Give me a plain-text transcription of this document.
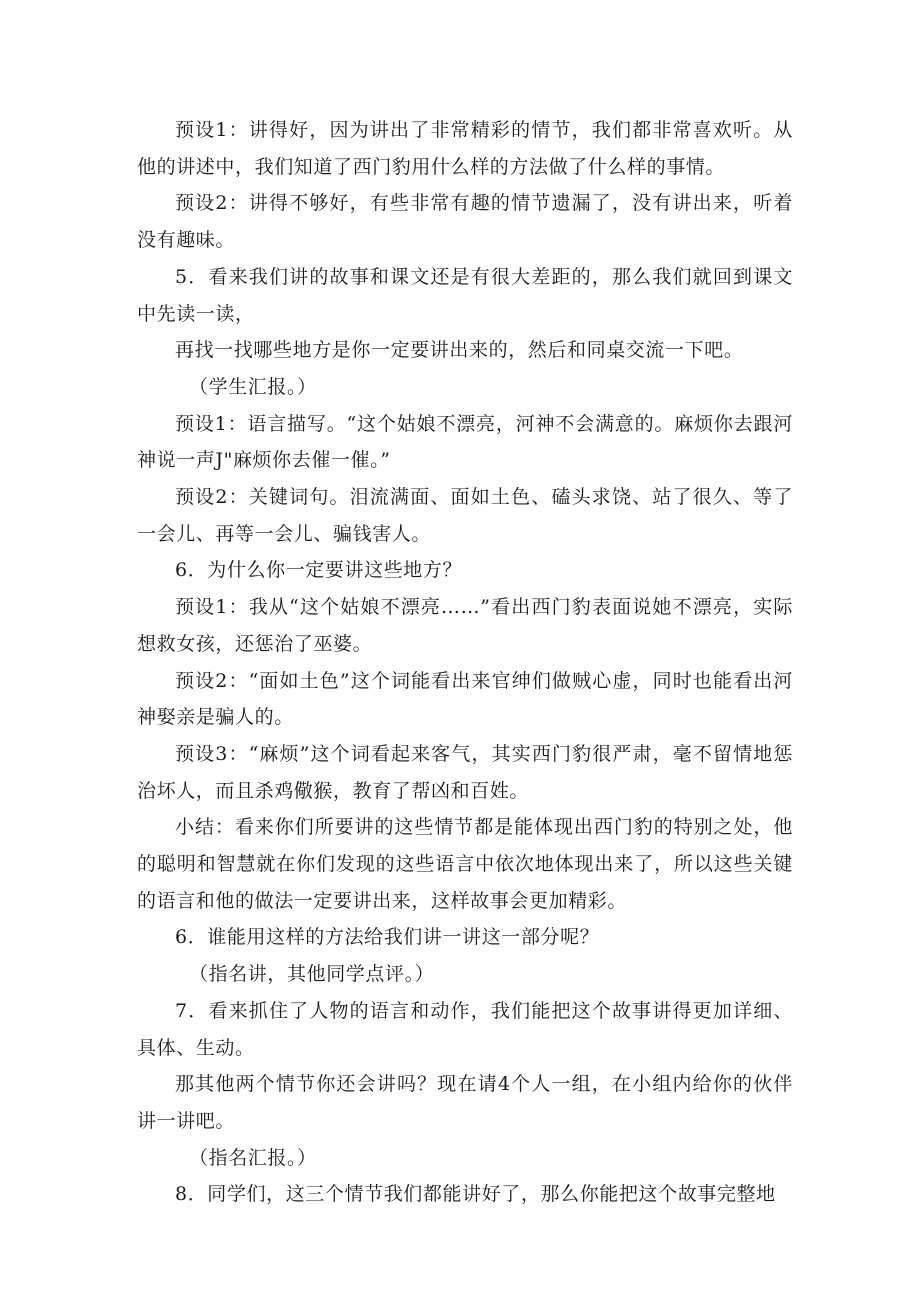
预设1：讲得好，因为讲出了非常精彩的情节，我们都非常喜欢听。从他的讲述中，我们知道了西门豹用什么样的方法做了什么样的事情。

预设2：讲得不够好，有些非常有趣的情节遗漏了，没有讲出来，听着没有趣味。

5．看来我们讲的故事和课文还是有很大差距的，那么我们就回到课文中先读一读，

再找一找哪些地方是你一定要讲出来的，然后和同桌交流一下吧。

（学生汇报。）

预设1：语言描写。“这个姑娘不漂亮，河神不会满意的。麻烦你去跟河神说一声J"麻烦你去催一催。”

预设2：关键词句。泪流满面、面如土色、磕头求饶、站了很久、等了一会儿、再等一会儿、骗钱害人。

6．为什么你一定要讲这些地方？

预设1：我从“这个姑娘不漂亮……”看出西门豹表面说她不漂亮，实际想救女孩，还惩治了巫婆。

预设2：“面如土色”这个词能看出来官绅们做贼心虚，同时也能看出河神娶亲是骗人的。

预设3：“麻烦”这个词看起来客气，其实西门豹很严肃，毫不留情地惩治坏人，而且杀鸡儆猴，教育了帮凶和百姓。

小结：看来你们所要讲的这些情节都是能体现出西门豹的特别之处，他的聪明和智慧就在你们发现的这些语言中依次地体现出来了，所以这些关键的语言和他的做法一定要讲出来，这样故事会更加精彩。

6．谁能用这样的方法给我们讲一讲这一部分呢？

（指名讲，其他同学点评。）

7．看来抓住了人物的语言和动作，我们能把这个故事讲得更加详细、具体、生动。

那其他两个情节你还会讲吗？现在请4个人一组，在小组内给你的伙伴讲一讲吧。

（指名汇报。）

8．同学们，这三个情节我们都能讲好了，那么你能把这个故事完整地
